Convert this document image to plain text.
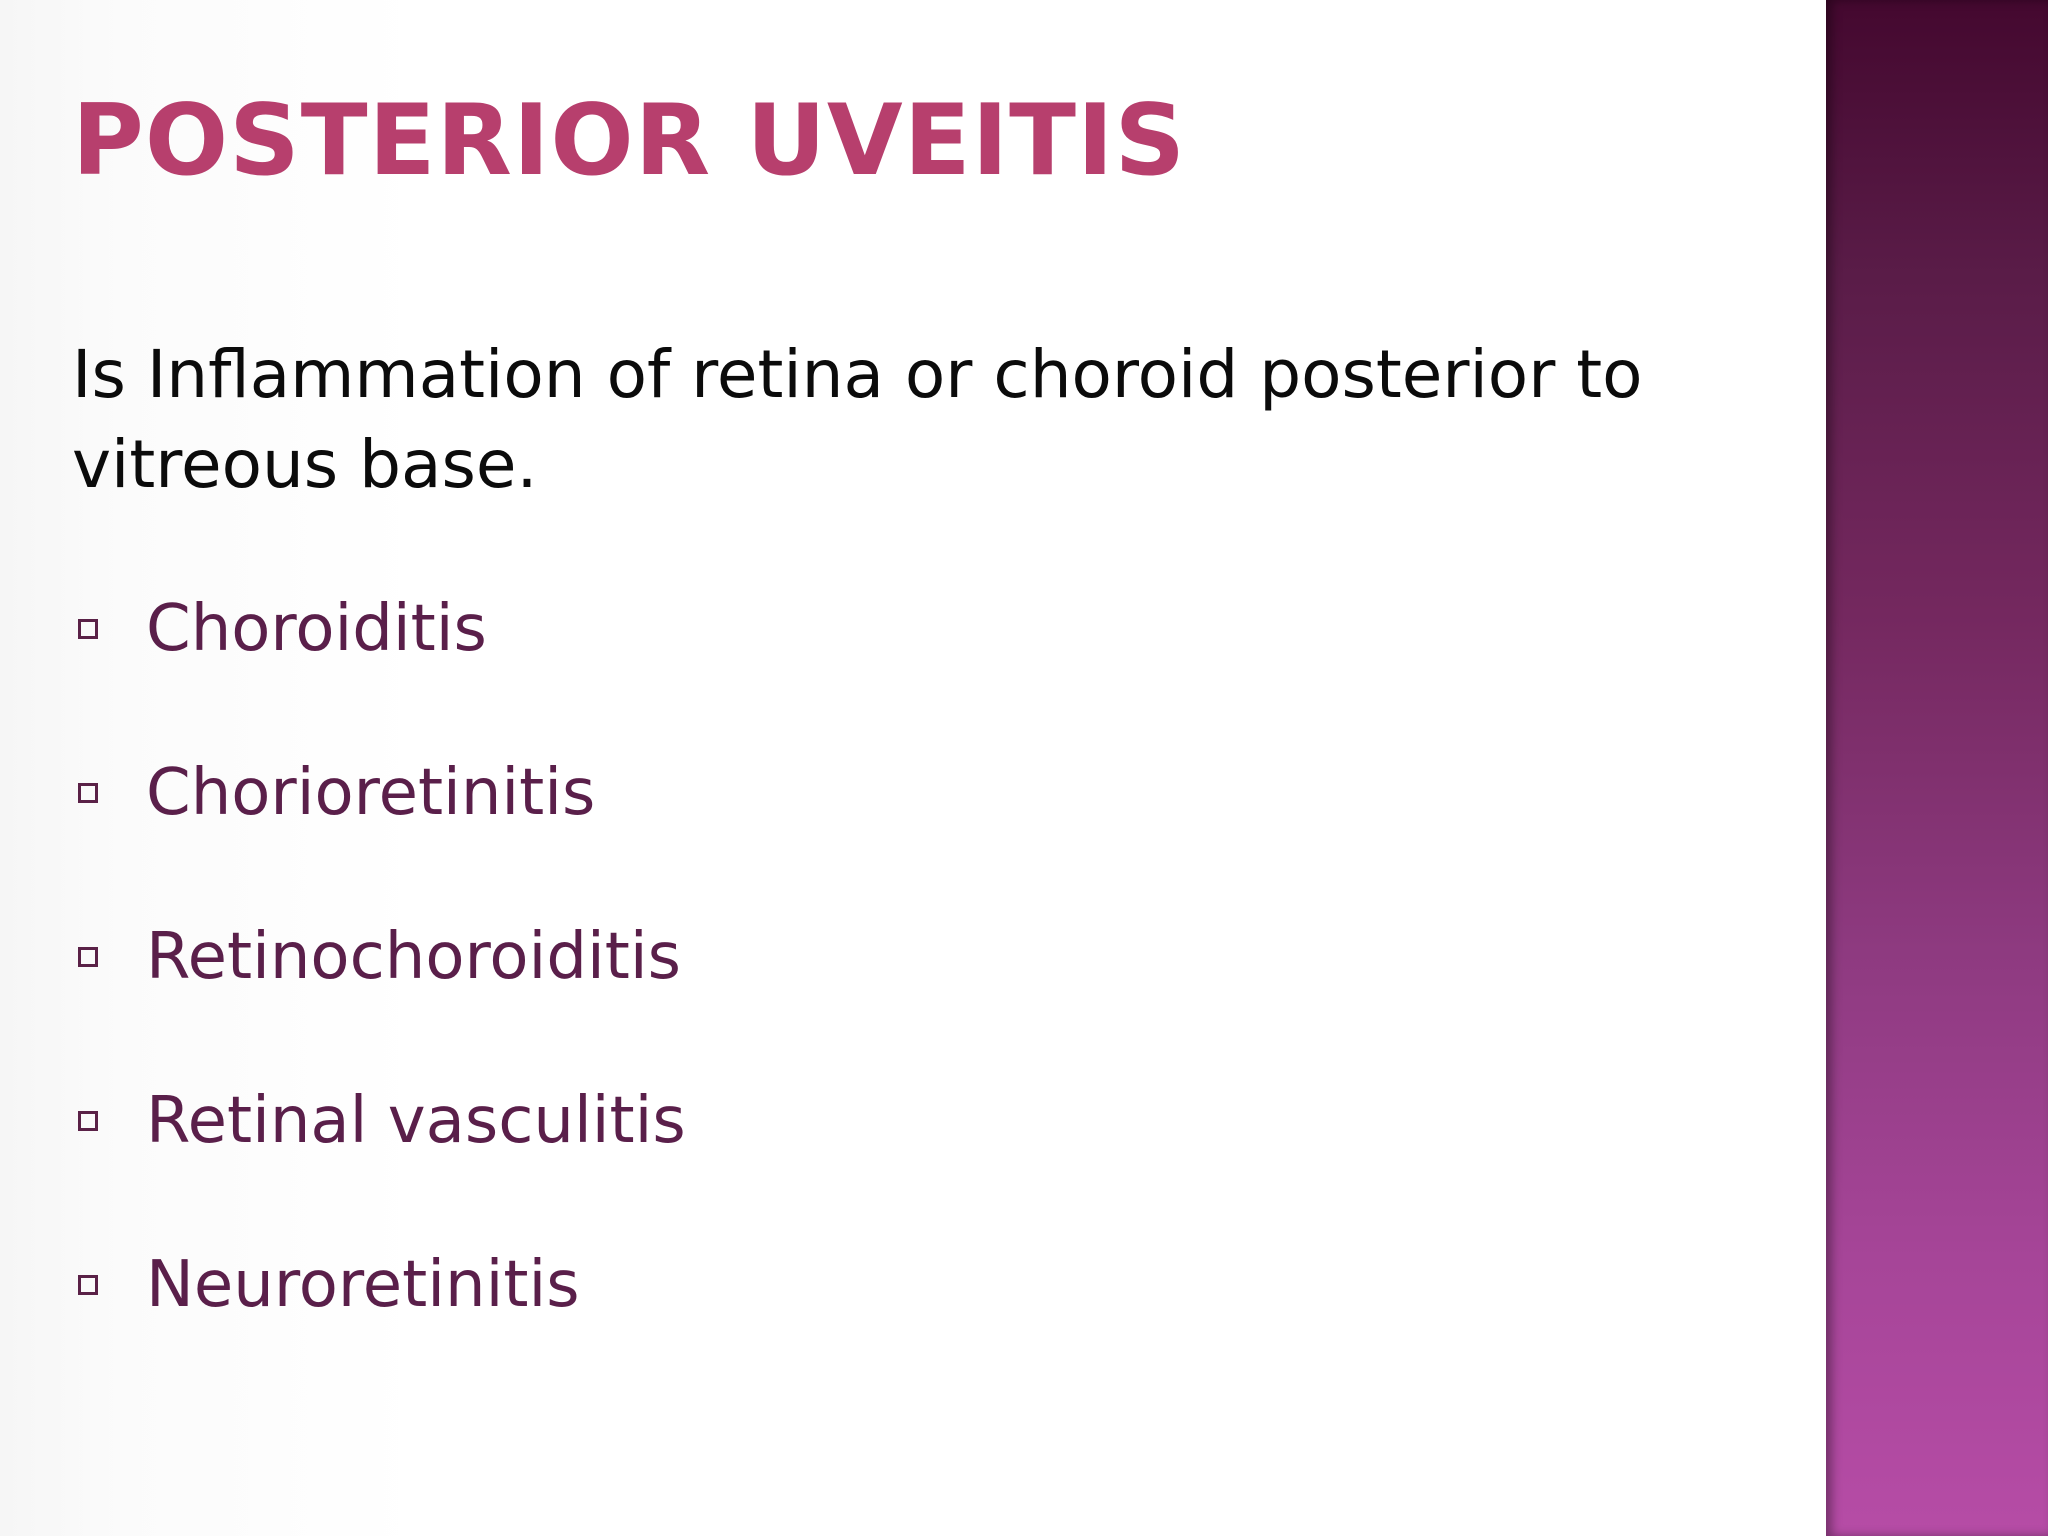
POSTERIOR UVEITIS

Is Inflammation of retina or choroid posterior to vitreous base.

Choroiditis
Chorioretinitis
Retinochoroiditis
Retinal vasculitis
Neuroretinitis
